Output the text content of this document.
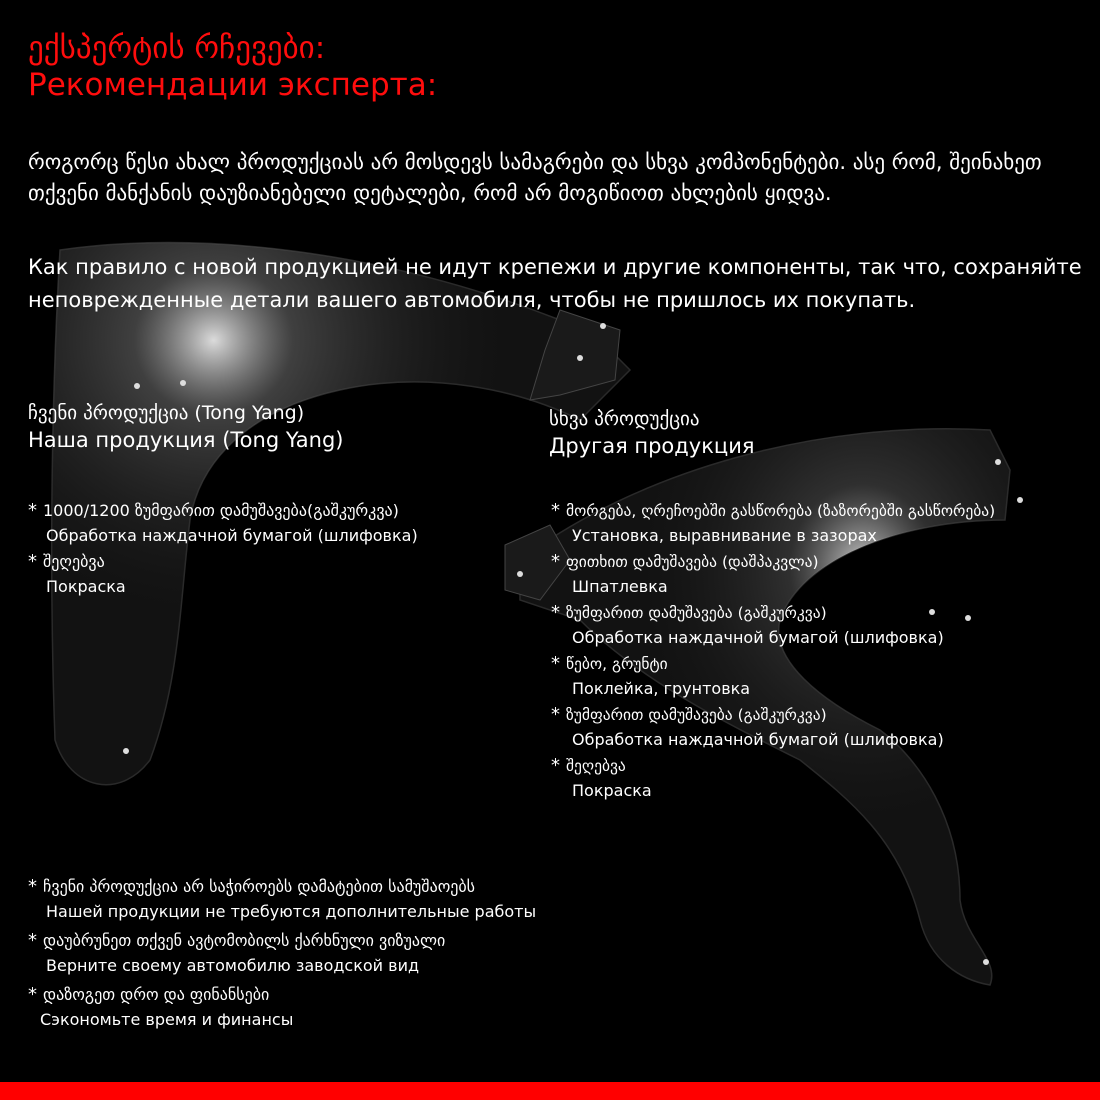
ექსპერტის რჩევები:
Рекомендации эксперта:
როგორც წესი ახალ პროდუქციას არ მოსდევს სამაგრები და სხვა კომპონენტები. ასე რომ, შეინახეთ თქვენი მანქანის დაუზიანებელი დეტალები, რომ არ მოგიწიოთ ახლების ყიდვა.
Как правило с новой продукцией не идут крепежи и другие компоненты, так что, сохраняйте неповрежденные детали вашего автомобиля, чтобы не пришлось их покупать.
ჩვენი პროდუქცია (Tong Yang)
Наша продукция (Tong Yang)
სხვა პროდუქცია
Другая продукция
* 1000/1200 ზუმფარით დამუშავება(გაშკურკვა)
Обработка наждачной бумагой (шлифовка)
* შეღებვა
Покраска
* მორგება, ღრეჩოებში გასწორება (ზაზორებში გასწორება)
Установка, выравнивание в зазорах
* ფითხით დამუშავება (დაშპაკვლა)
Шпатлевка
* ზუმფარით დამუშავება (გაშკურკვა)
Обработка наждачной бумагой (шлифовка)
* წებო, გრუნტი
Поклейка, грунтовка
* ზუმფარით დამუშავება (გაშკურკვა)
Обработка наждачной бумагой (шлифовка)
* შეღებვა
Покраска
* ჩვენი პროდუქცია არ საჭიროებს დამატებით სამუშაოებს
Нашей продукции не требуются дополнительные работы
* დაუბრუნეთ თქვენ ავტომობილს ქარხნული ვიზუალი
Верните своему автомобилю заводской вид
* დაზოგეთ დრო და ფინანსები
Сэкономьте время и финансы
